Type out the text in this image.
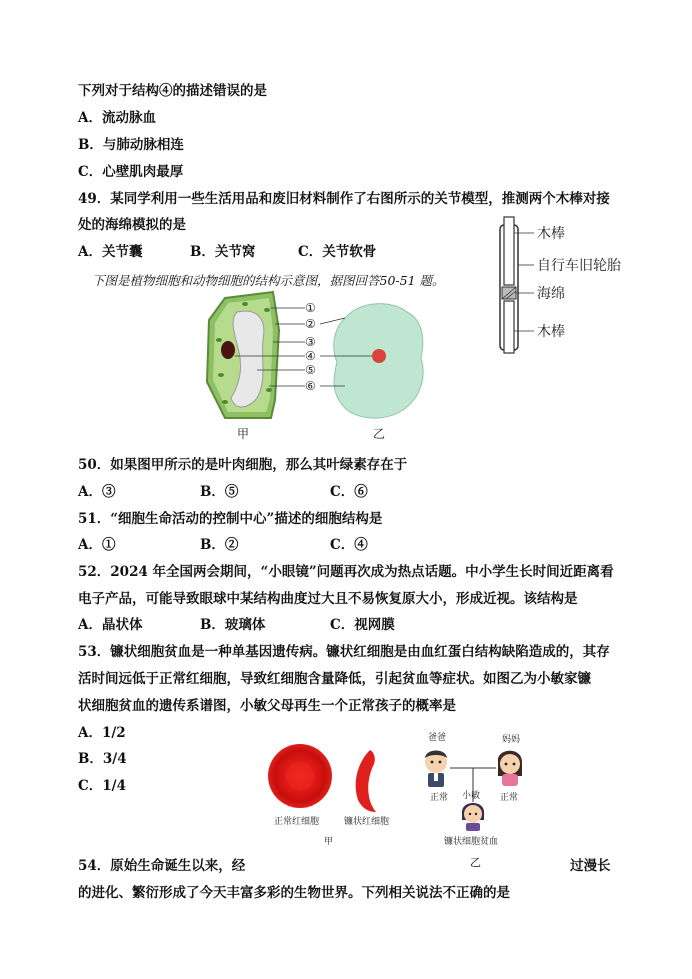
下列对于结构④的描述错误的是
A．流动脉血
B．与肺动脉相连
C．心壁肌肉最厚
49．某同学利用一些生活用品和废旧材料制作了右图所示的关节模型，推测两个木棒对接
处的海绵模拟的是
A．关节囊	B．关节窝	C．关节软骨
木棒
自行车旧轮胎
海绵
木棒
下图是植物细胞和动物细胞的结构示意图，据图回答50-51 题。
①
②
③
④
⑤
⑥
甲	乙
50．如果图甲所示的是叶肉细胞，那么其叶绿素存在于
A．③	B．⑤	C．⑥
51．“细胞生命活动的控制中心”描述的细胞结构是
A．①	B．②	C．④
52．2024 年全国两会期间，“小眼镜”问题再次成为热点话题。中小学生长时间近距离看
电子产品，可能导致眼球中某结构曲度过大且不易恢复原大小，形成近视。该结构是
A．晶状体	B．玻璃体	C．视网膜
53．镰状细胞贫血是一种单基因遗传病。镰状红细胞是由血红蛋白结构缺陷造成的，其存
活时间远低于正常红细胞，导致红细胞含量降低，引起贫血等症状。如图乙为小敏家镰
状细胞贫血的遗传系谱图，小敏父母再生一个正常孩子的概率是
A．1/2
B．3/4
C．1/4
正常红细胞	镰状红细胞
甲
爸爸	妈妈
正常	正常
小敏
镰状细胞贫血
乙
54．原始生命诞生以来，经	过漫长
的进化、繁衍形成了今天丰富多彩的生物世界。下列相关说法不正确的是
